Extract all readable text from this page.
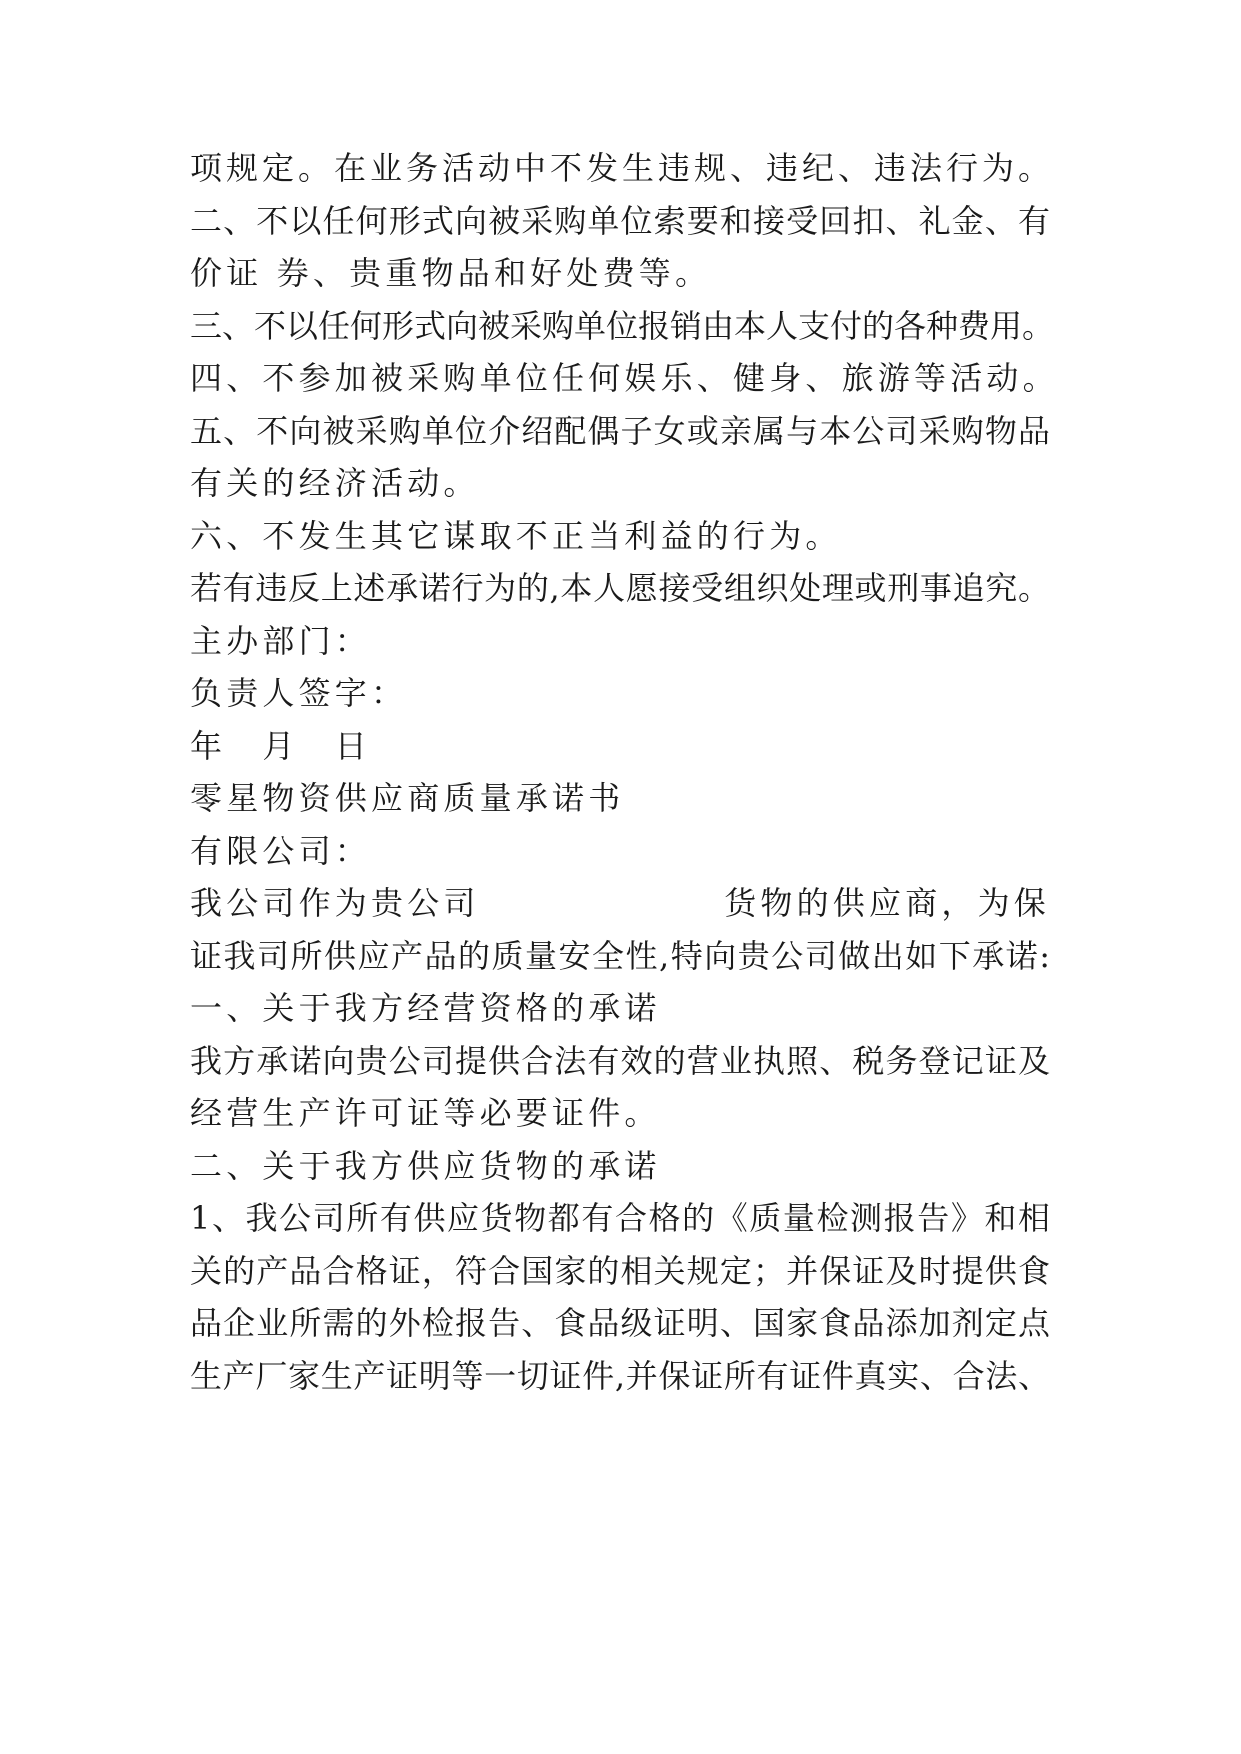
项规定。在业务活动中不发生违规、违纪、违法行为。
二、不以任何形式向被采购单位索要和接受回扣、礼金、有
价证 券、贵重物品和好处费等。
三、不以任何形式向被采购单位报销由本人支付的各种费用。
四、不参加被采购单位任何娱乐、健身、旅游等活动。
五、不向被采购单位介绍配偶子女或亲属与本公司采购物品
有关的经济活动。
六、不发生其它谋取不正当利益的行为。
若有违反上述承诺行为的,本人愿接受组织处理或刑事追究。
主办部门：
负责人签字：
年　月　日
零星物资供应商质量承诺书
有限公司：
我公司作为贵公司	货物的供应商，为保
证我司所供应产品的质量安全性,特向贵公司做出如下承诺:
一、关于我方经营资格的承诺
我方承诺向贵公司提供合法有效的营业执照、税务登记证及
经营生产许可证等必要证件。
二、关于我方供应货物的承诺
1、我公司所有供应货物都有合格的《质量检测报告》和相
关的产品合格证，符合国家的相关规定；并保证及时提供食
品企业所需的外检报告、食品级证明、国家食品添加剂定点
生产厂家生产证明等一切证件,并保证所有证件真实、合法、
